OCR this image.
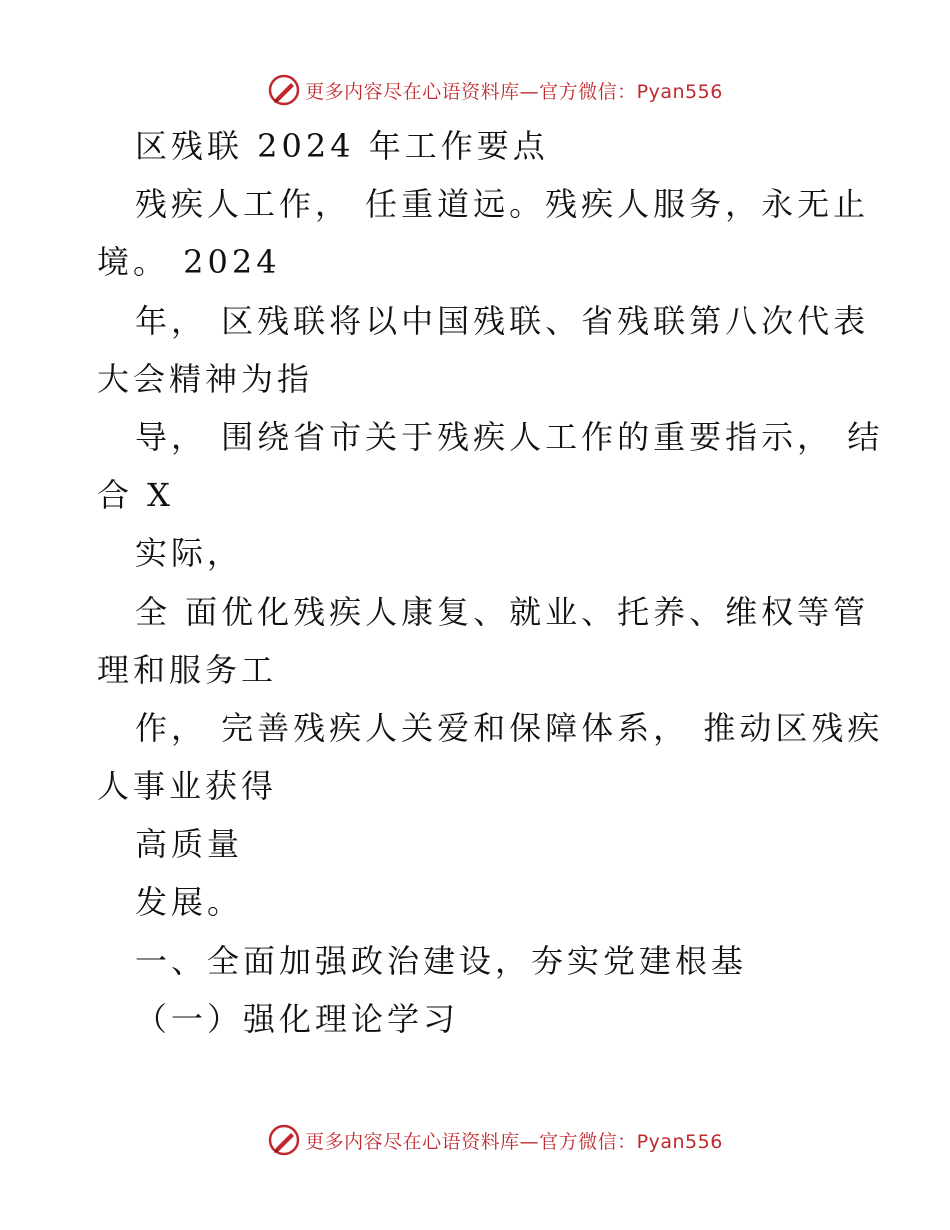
更多内容尽在心语资料库—官方微信：Pyan556
区残联 2024 年工作要点
残疾人工作， 任重道远。残疾人服务，永无止
境。 2024
年， 区残联将以中国残联、省残联第八次代表
大会精神为指
导， 围绕省市关于残疾人工作的重要指示， 结
合 X
实际，
全 面优化残疾人康复、就业、托养、维权等管
理和服务工
作， 完善残疾人关爱和保障体系， 推动区残疾
人事业获得
高质量
发展。
一、全面加强政治建设，夯实党建根基
（一）强化理论学习
更多内容尽在心语资料库—官方微信：Pyan556
